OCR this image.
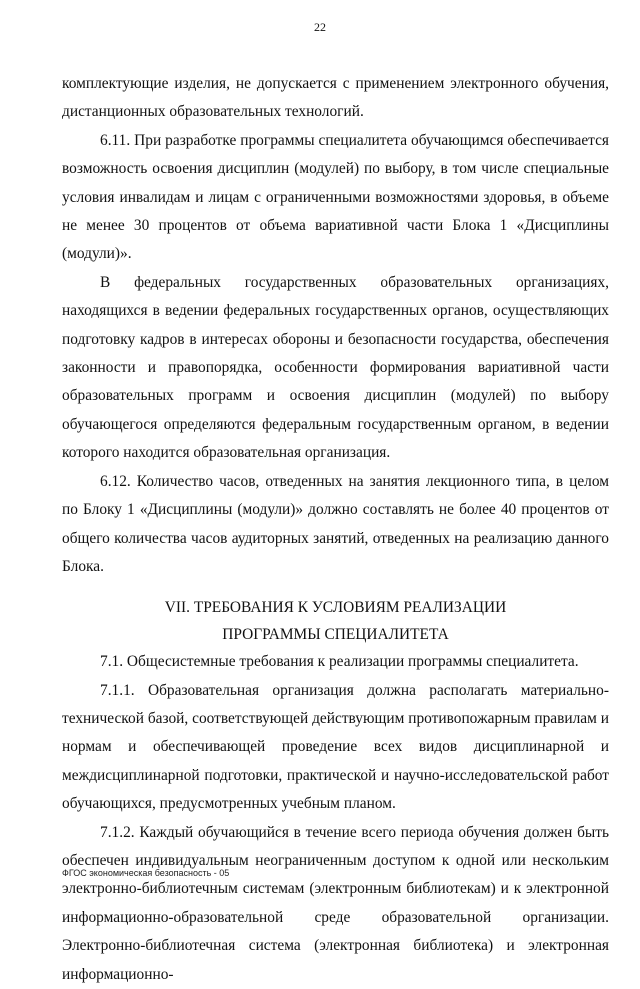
22

комплектующие изделия, не допускается с применением электронного обучения, дистанционных образовательных технологий.

6.11. При разработке программы специалитета обучающимся обеспечивается возможность освоения дисциплин (модулей) по выбору, в том числе специальные условия инвалидам и лицам с ограниченными возможностями здоровья, в объеме не менее 30 процентов от объема вариативной части Блока 1 «Дисциплины (модули)».

В федеральных государственных образовательных организациях, находящихся в ведении федеральных государственных органов, осуществляющих подготовку кадров в интересах обороны и безопасности государства, обеспечения законности и правопорядка, особенности формирования вариативной части образовательных программ и освоения дисциплин (модулей) по выбору обучающегося определяются федеральным государственным органом, в ведении которого находится образовательная организация.

6.12. Количество часов, отведенных на занятия лекционного типа, в целом по Блоку 1 «Дисциплины (модули)» должно составлять не более 40 процентов от общего количества часов аудиторных занятий, отведенных на реализацию данного Блока.

VII. ТРЕБОВАНИЯ К УСЛОВИЯМ РЕАЛИЗАЦИИ
ПРОГРАММЫ СПЕЦИАЛИТЕТА

7.1. Общесистемные требования к реализации программы специалитета.

7.1.1. Образовательная организация должна располагать материально-технической базой, соответствующей действующим противопожарным правилам и нормам и обеспечивающей проведение всех видов дисциплинарной и междисциплинарной подготовки, практической и научно-исследовательской работ обучающихся, предусмотренных учебным планом.

7.1.2. Каждый обучающийся в течение всего периода обучения должен быть обеспечен индивидуальным неограниченным доступом к одной или нескольким электронно-библиотечным системам (электронным библиотекам) и к электронной информационно-образовательной среде образовательной организации. Электронно-библиотечная система (электронная библиотека) и электронная информационно-

ФГОС экономическая безопасность - 05
